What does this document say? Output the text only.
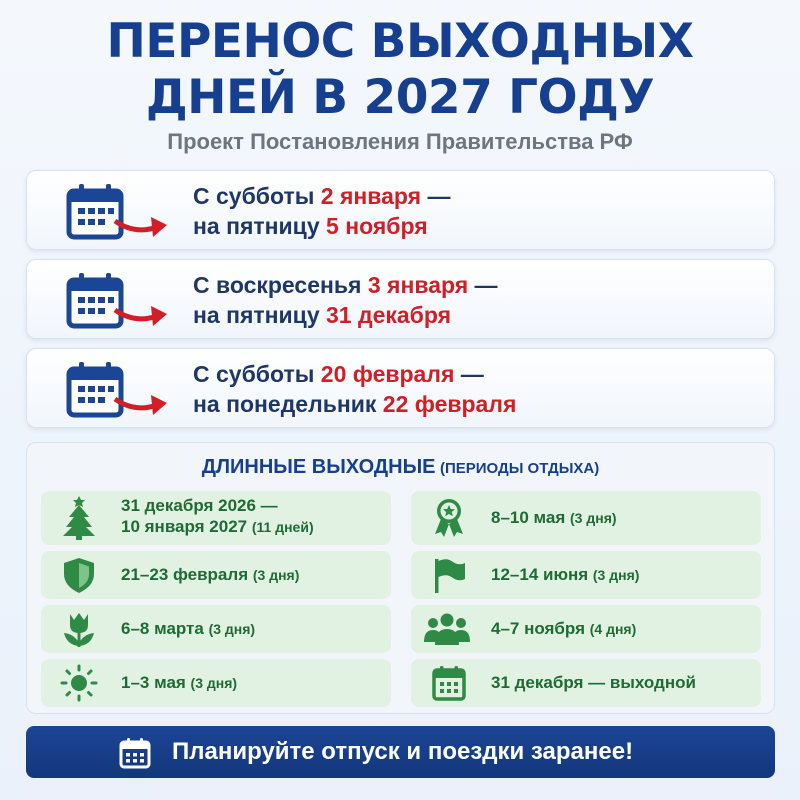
ПЕРЕНОС ВЫХОДНЫХ
ДНЕЙ В 2027 ГОДУ
Проект Постановления Правительства РФ
С субботы 2 января —
на пятницу 5 ноября
С воскресенья 3 января —
на пятницу 31 декабря
С субботы 20 февраля —
на понедельник 22 февраля
ДЛИННЫЕ ВЫХОДНЫЕ (ПЕРИОДЫ ОТДЫХА)
31 декабря 2026 —
10 января 2027 (11 дней)
21–23 февраля (3 дня)
6–8 марта (3 дня)
1–3 мая (3 дня)
8–10 мая (3 дня)
12–14 июня (3 дня)
4–7 ноября (4 дня)
31 декабря — выходной
Планируйте отпуск и поездки заранее!
